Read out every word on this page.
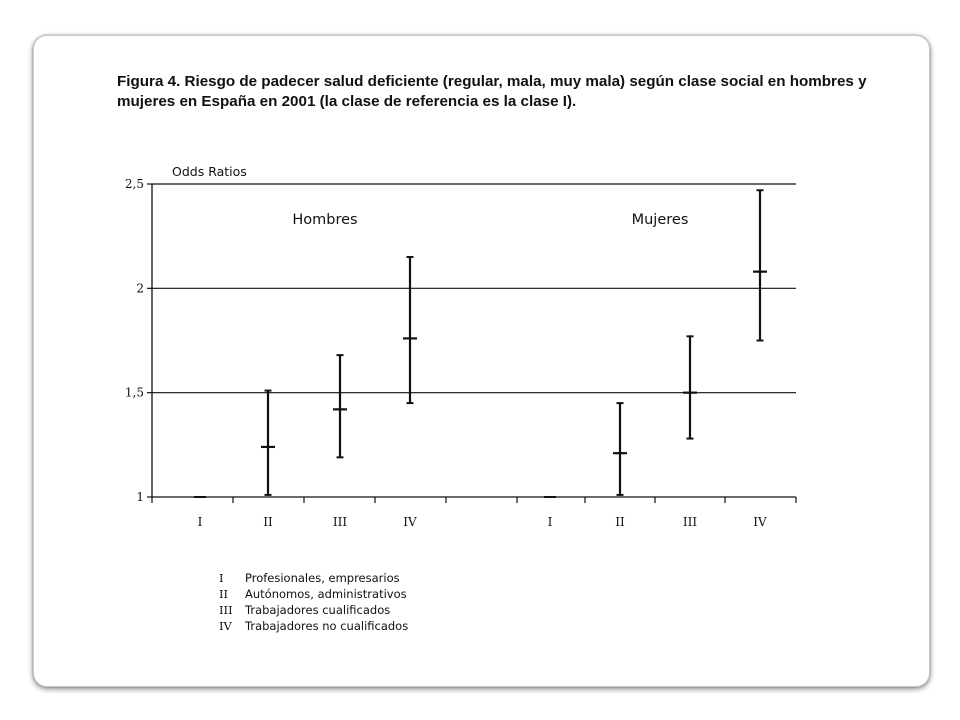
Figura 4. Riesgo de padecer salud deficiente (regular, mala, muy mala) según clase social en hombres y mujeres en España en 2001 (la clase de referencia es la clase I).

1
1,5
2
2,5
Odds Ratios
Hombres
I	II	III	IV
Mujeres
I	II	III	IV
I Profesionales, empresarios
II Autónomos, administrativos
III Trabajadores cualificados
IV Trabajadores no cualificados
